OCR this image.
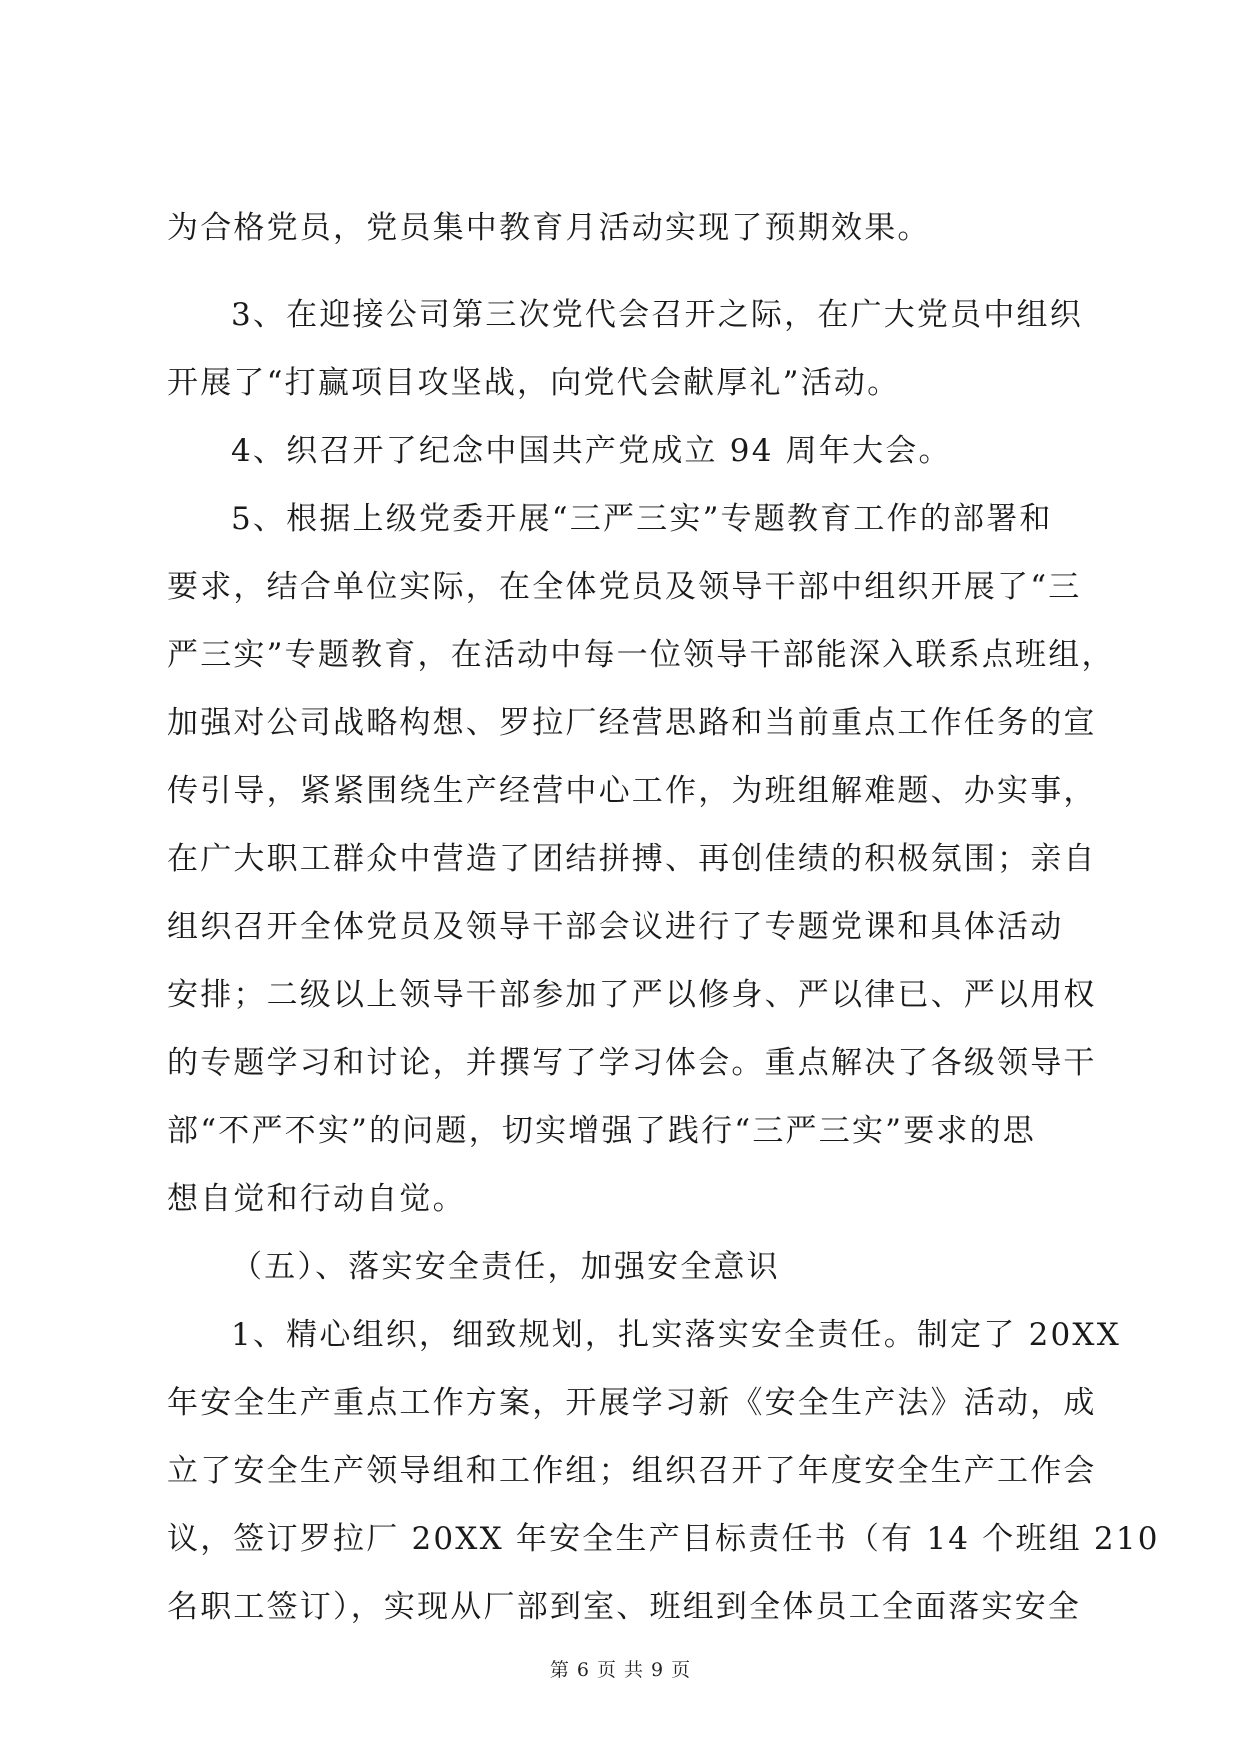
为合格党员，党员集中教育月活动实现了预期效果。
3、在迎接公司第三次党代会召开之际，在广大党员中组织
开展了“打赢项目攻坚战，向党代会献厚礼”活动。
4、织召开了纪念中国共产党成立 94 周年大会。
5、根据上级党委开展“三严三实”专题教育工作的部署和
要求，结合单位实际，在全体党员及领导干部中组织开展了“三
严三实”专题教育，在活动中每一位领导干部能深入联系点班组，
加强对公司战略构想、罗拉厂经营思路和当前重点工作任务的宣
传引导，紧紧围绕生产经营中心工作，为班组解难题、办实事，
在广大职工群众中营造了团结拼搏、再创佳绩的积极氛围；亲自
组织召开全体党员及领导干部会议进行了专题党课和具体活动
安排；二级以上领导干部参加了严以修身、严以律已、严以用权
的专题学习和讨论，并撰写了学习体会。重点解决了各级领导干
部“不严不实”的问题，切实增强了践行“三严三实”要求的思
想自觉和行动自觉。
（五）、落实安全责任，加强安全意识
1、精心组织，细致规划，扎实落实安全责任。制定了 20XX
年安全生产重点工作方案，开展学习新《安全生产法》活动，成
立了安全生产领导组和工作组；组织召开了年度安全生产工作会
议，签订罗拉厂 20XX 年安全生产目标责任书（有 14 个班组 210
名职工签订），实现从厂部到室、班组到全体员工全面落实安全
第 6 页 共 9 页
